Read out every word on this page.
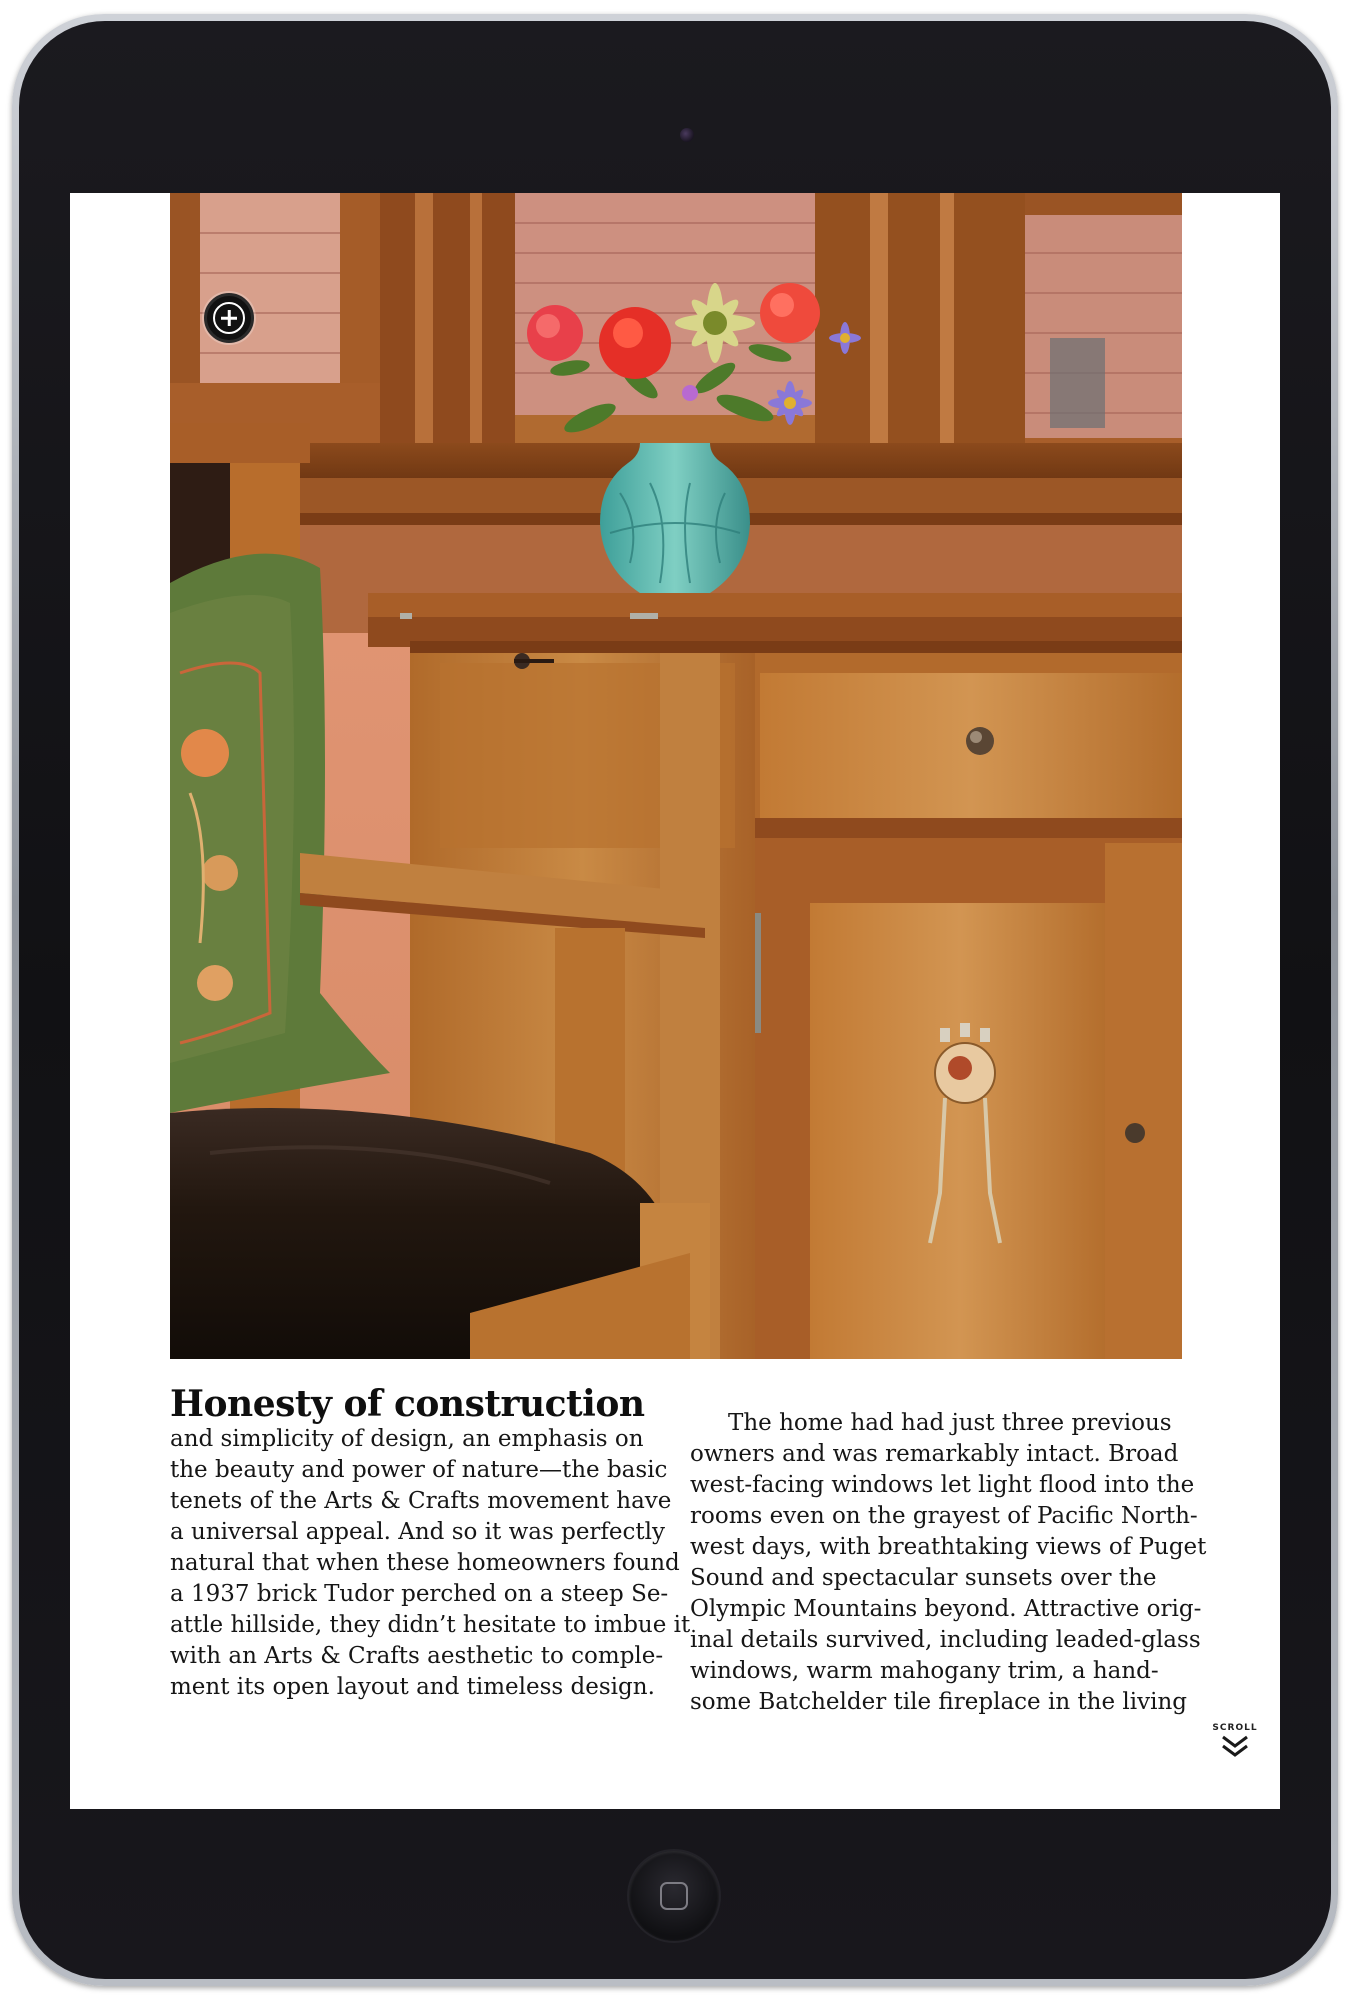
Honesty of construction
and simplicity of design, an emphasis on
the beauty and power of nature—the basic
tenets of the Arts & Crafts movement have
a universal appeal. And so it was perfectly
natural that when these homeowners found
a 1937 brick Tudor perched on a steep Se-
attle hillside, they didn’t hesitate to imbue it
with an Arts & Crafts aesthetic to comple-
ment its open layout and timeless design.
The home had had just three previous
owners and was remarkably intact. Broad
west-facing windows let light flood into the
rooms even on the grayest of Pacific North-
west days, with breathtaking views of Puget
Sound and spectacular sunsets over the
Olympic Mountains beyond. Attractive orig-
inal details survived, including leaded-glass
windows, warm mahogany trim, a hand-
some Batchelder tile fireplace in the living
SCROLL
